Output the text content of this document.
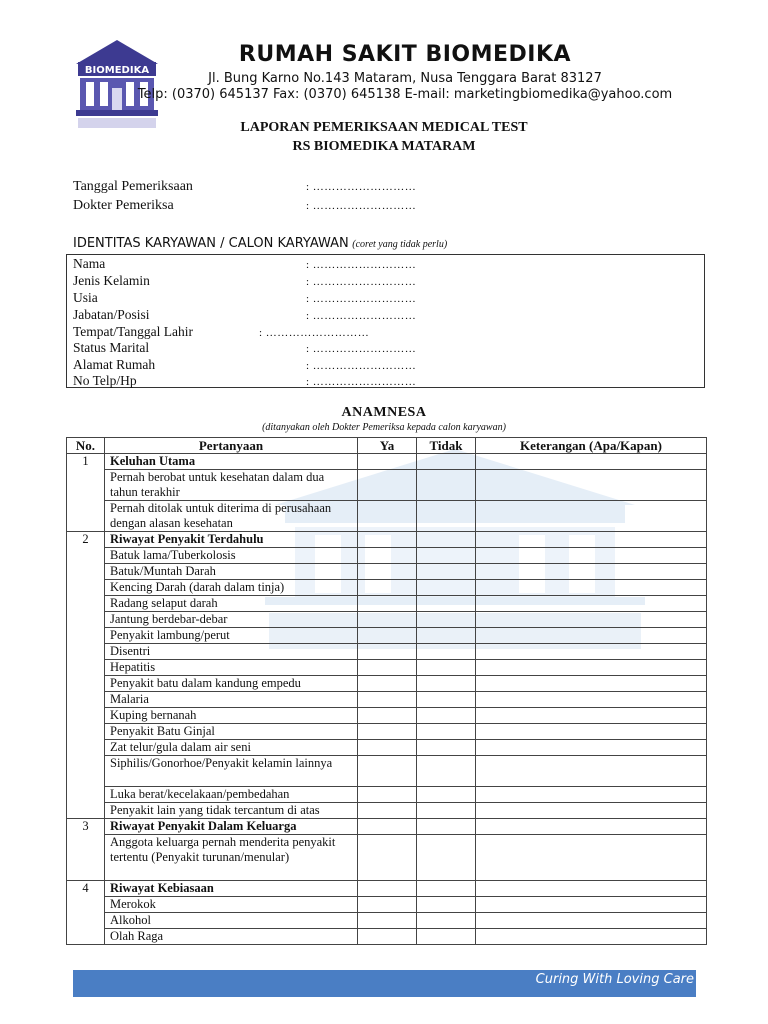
BIOMEDIKA
RUMAH SAKIT BIOMEDIKA
Jl. Bung Karno No.143 Mataram, Nusa Tenggara Barat 83127
Telp: (0370) 645137 Fax: (0370) 645138 E-mail: marketingbiomedika@yahoo.com
LAPORAN PEMERIKSAAN MEDICAL TEST
RS BIOMEDIKA MATARAM
Tanggal Pemeriksaan	: ………………………
Dokter Pemeriksa	: ………………………
IDENTITAS KARYAWAN / CALON KARYAWAN (coret yang tidak perlu)
Nama	: ………………………
Jenis Kelamin	: ………………………
Usia	: ………………………
Jabatan/Posisi	: ………………………
Tempat/Tanggal Lahir	: ………………………
Status Marital	: ………………………
Alamat Rumah	: ………………………
No Telp/Hp	: ………………………
ANAMNESA
(ditanyakan oleh Dokter Pemeriksa kepada calon karyawan)
No.	Pertanyaan	Ya	Tidak	Keterangan (Apa/Kapan)
1	Keluhan Utama			
	Pernah berobat untuk kesehatan dalam dua tahun terakhir			
	Pernah ditolak untuk diterima di perusahaan dengan alasan kesehatan			
2	Riwayat Penyakit Terdahulu			
	Batuk lama/Tuberkolosis			
	Batuk/Muntah Darah			
	Kencing Darah (darah dalam tinja)			
	Radang selaput darah			
	Jantung berdebar-debar			
	Penyakit lambung/perut			
	Disentri			
	Hepatitis			
	Penyakit batu dalam kandung empedu			
	Malaria			
	Kuping bernanah			
	Penyakit Batu Ginjal			
	Zat telur/gula dalam air seni			
	Siphilis/Gonorhoe/Penyakit kelamin lainnya			
	Luka berat/kecelakaan/pembedahan			
	Penyakit lain yang tidak tercantum di atas			
3	Riwayat Penyakit Dalam Keluarga			
	Anggota keluarga pernah menderita penyakit tertentu (Penyakit turunan/menular)			
4	Riwayat Kebiasaan			
	Merokok			
	Alkohol			
	Olah Raga			
Curing With Loving Care
